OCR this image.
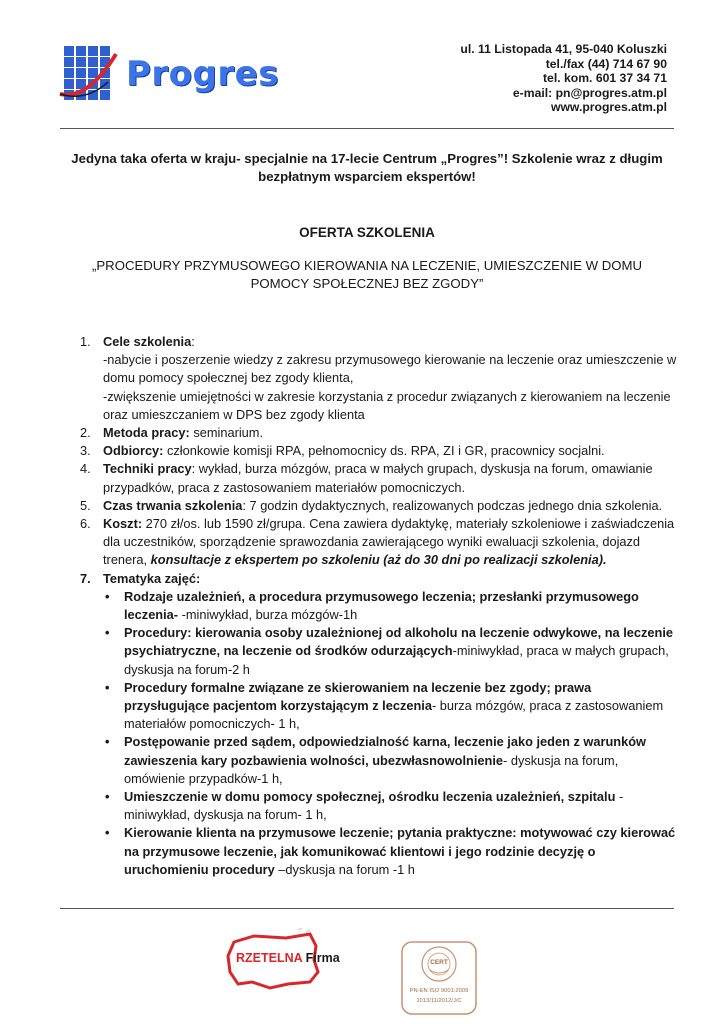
Progres
ul. 11 Listopada 41, 95-040 Koluszki
tel./fax (44) 714 67 90
tel. kom. 601 37 34 71
e-mail: pn@progres.atm.pl
www.progres.atm.pl
Jedyna taka oferta w kraju- specjalnie na 17-lecie Centrum „Progres”! Szkolenie wraz z długim bezpłatnym wsparciem ekspertów!
OFERTA SZKOLENIA
„PROCEDURY PRZYMUSOWEGO KIEROWANIA NA LECZENIE, UMIESZCZENIE W DOMU POMOCY SPOŁECZNEJ BEZ ZGODY”
1. Cele szkolenia:
-nabycie i poszerzenie wiedzy z zakresu przymusowego kierowanie na leczenie oraz umieszczenie w domu pomocy społecznej bez zgody klienta,
-zwiększenie umiejętności w zakresie korzystania z procedur związanych z kierowaniem na leczenie oraz umieszczaniem w DPS bez zgody klienta
2. Metoda pracy: seminarium.
3. Odbiorcy: członkowie komisji RPA, pełnomocnicy ds. RPA, ZI i GR, pracownicy socjalni.
4. Techniki pracy: wykład, burza mózgów, praca w małych grupach, dyskusja na forum, omawianie przypadków, praca z zastosowaniem materiałów pomocniczych.
5. Czas trwania szkolenia: 7 godzin dydaktycznych, realizowanych podczas jednego dnia szkolenia.
6. Koszt: 270 zł/os. lub 1590 zł/grupa. Cena zawiera dydaktykę, materiały szkoleniowe i zaświadczenia dla uczestników, sporządzenie sprawozdania zawierającego wyniki ewaluacji szkolenia, dojazd trenera, konsultacje z ekspertem po szkoleniu (aż do 30 dni po realizacji szkolenia).
7. Tematyka zajęć:
• Rodzaje uzależnień, a procedura przymusowego leczenia; przesłanki przymusowego leczenia- -miniwykład, burza mózgów-1h
• Procedury: kierowania osoby uzależnionej od alkoholu na leczenie odwykowe, na leczenie psychiatryczne, na leczenie od środków odurzających-miniwykład, praca w małych grupach, dyskusja na forum-2 h
• Procedury formalne związane ze skierowaniem na leczenie bez zgody; prawa przysługujące pacjentom korzystającym z leczenia- burza mózgów, praca z zastosowaniem materiałów pomocniczych- 1 h,
• Postępowanie przed sądem, odpowiedzialność karna, leczenie jako jeden z warunków zawieszenia kary pozbawienia wolności, ubezwłasnowolnienie- dyskusja na forum, omówienie przypadków-1 h,
• Umieszczenie w domu pomocy społecznej, ośrodku leczenia uzależnień, szpitalu - miniwykład, dyskusja na forum- 1 h,
• Kierowanie klienta na przymusowe leczenie; pytania praktyczne: motywować czy kierować na przymusowe leczenie, jak komunikować klientowi i jego rodzinie decyzję o uruchomieniu procedury –dyskusja na forum -1 h
RZETELNA Firma	CERT
PN-EN ISO 9001:2009
1013/11/2012/J/C
